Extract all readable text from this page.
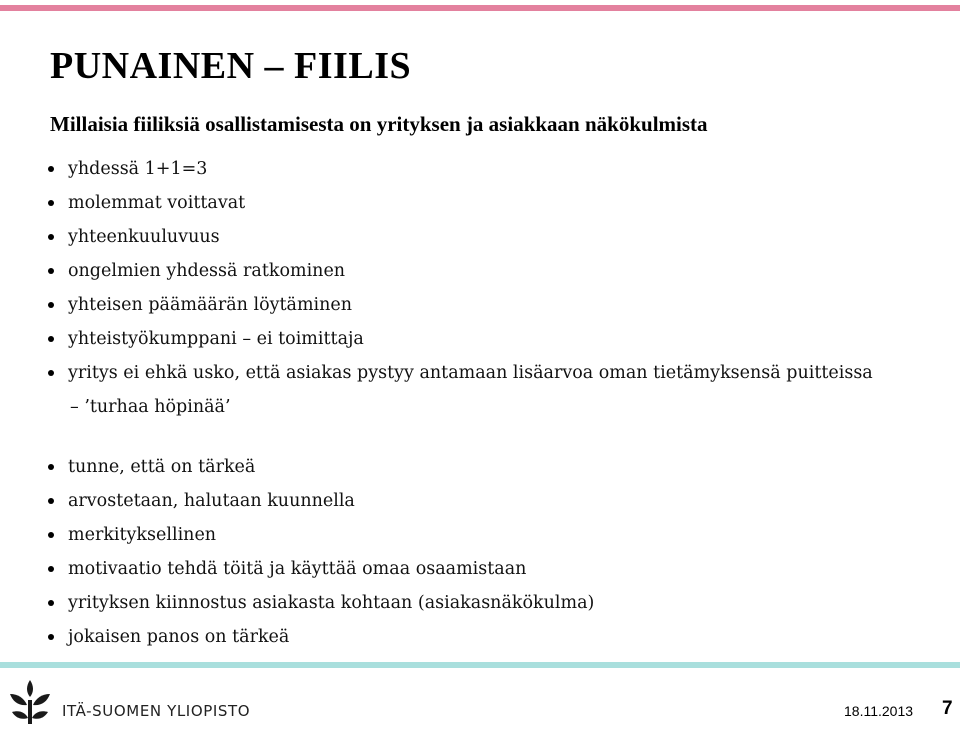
PUNAINEN – FIILIS
Millaisia fiiliksiä osallistamisesta on yrityksen ja asiakkaan näkökulmista
yhdessä 1+1=3
molemmat voittavat
yhteenkuuluvuus
ongelmien yhdessä ratkominen
yhteisen päämäärän löytäminen
yhteistyökumppani – ei toimittaja
yritys ei ehkä usko, että asiakas pystyy antamaan lisäarvoa oman tietämyksensä puitteissa
– ’turhaa höpinää’
tunne, että on tärkeä
arvostetaan, halutaan kuunnella
merkityksellinen
motivaatio tehdä töitä ja käyttää omaa osaamistaan
yrityksen kiinnostus asiakasta kohtaan (asiakasnäkökulma)
jokaisen panos on tärkeä
ITÄ-SUOMEN YLIOPISTO	18.11.2013 7
